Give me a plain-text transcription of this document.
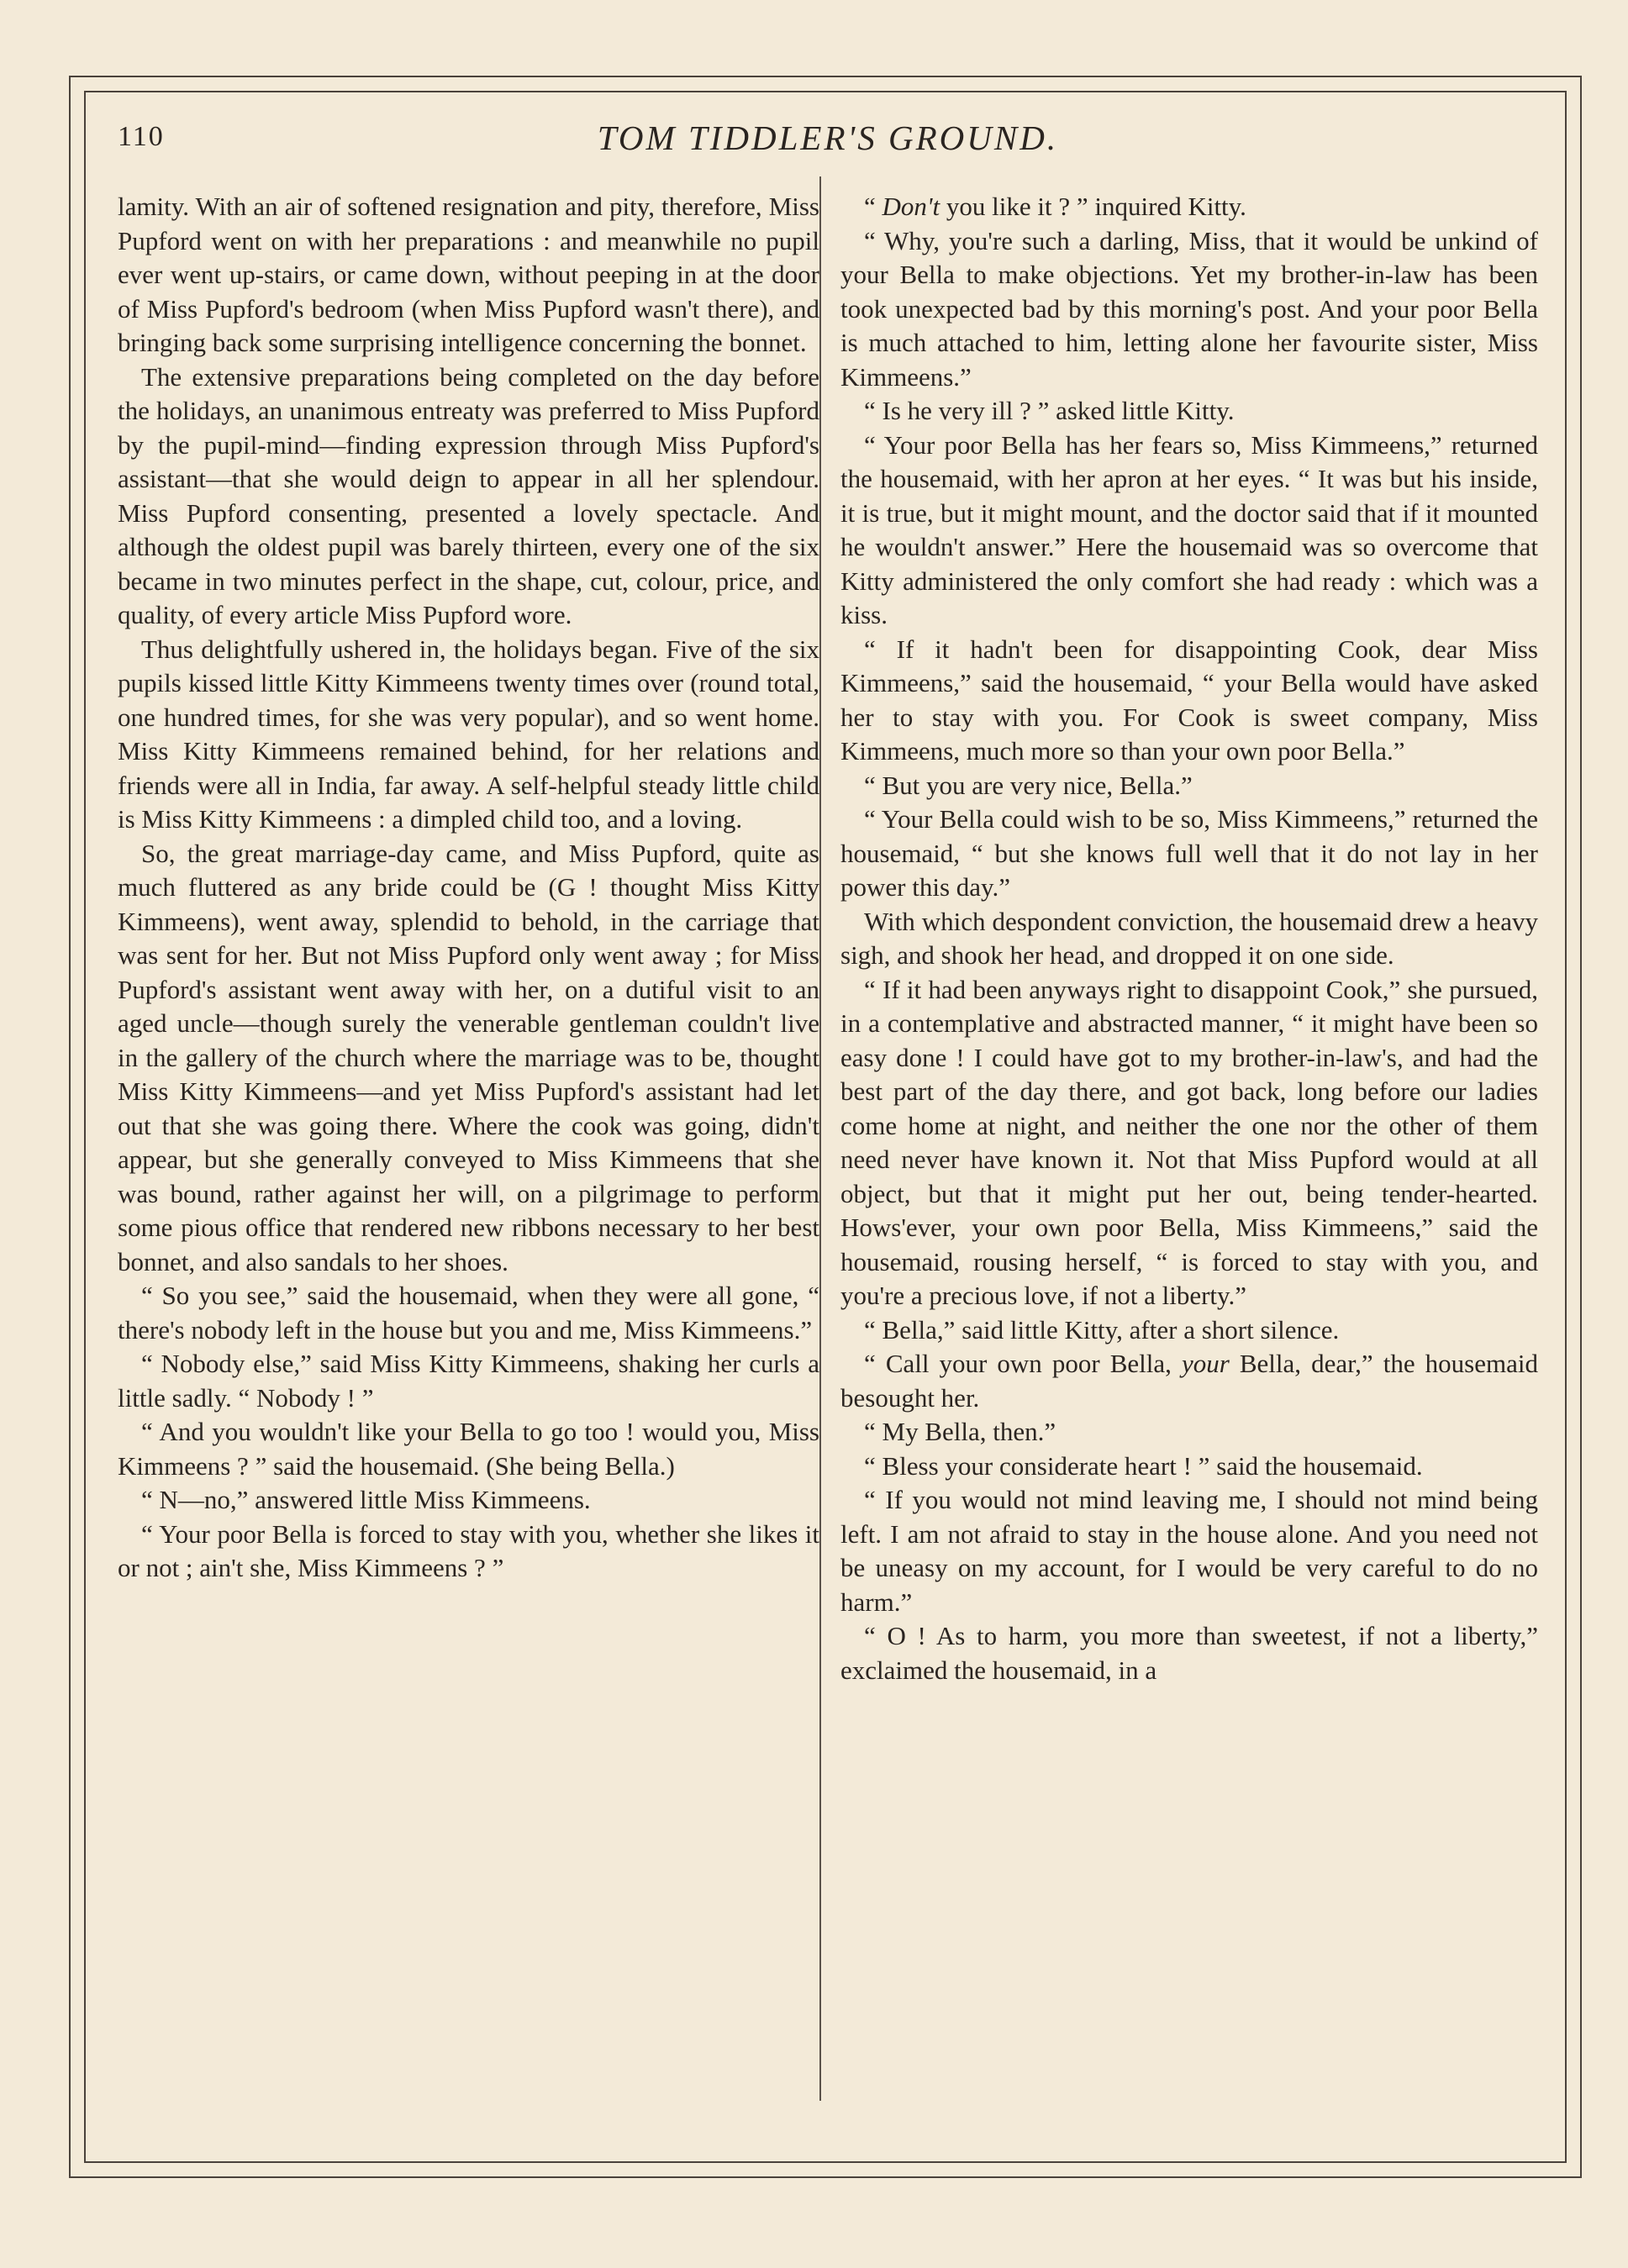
110	TOM TIDDLER'S GROUND.

lamity. With an air of softened resignation and pity, therefore, Miss Pupford went on with her preparations : and meanwhile no pupil ever went up-stairs, or came down, without peeping in at the door of Miss Pupford's bedroom (when Miss Pupford wasn't there), and bringing back some surprising intelligence concerning the bonnet.

The extensive preparations being completed on the day before the holidays, an unanimous entreaty was preferred to Miss Pupford by the pupil-mind—finding expression through Miss Pupford's assistant—that she would deign to appear in all her splendour. Miss Pupford consenting, presented a lovely spectacle. And although the oldest pupil was barely thirteen, every one of the six became in two minutes perfect in the shape, cut, colour, price, and quality, of every article Miss Pupford wore.

Thus delightfully ushered in, the holidays began. Five of the six pupils kissed little Kitty Kimmeens twenty times over (round total, one hundred times, for she was very popular), and so went home. Miss Kitty Kimmeens remained behind, for her relations and friends were all in India, far away. A self-helpful steady little child is Miss Kitty Kimmeens : a dimpled child too, and a loving.

So, the great marriage-day came, and Miss Pupford, quite as much fluttered as any bride could be (G ! thought Miss Kitty Kimmeens), went away, splendid to behold, in the carriage that was sent for her. But not Miss Pupford only went away ; for Miss Pupford's assistant went away with her, on a dutiful visit to an aged uncle—though surely the venerable gentleman couldn't live in the gallery of the church where the marriage was to be, thought Miss Kitty Kimmeens—and yet Miss Pupford's assistant had let out that she was going there. Where the cook was going, didn't appear, but she generally conveyed to Miss Kimmeens that she was bound, rather against her will, on a pilgrimage to perform some pious office that rendered new ribbons necessary to her best bonnet, and also sandals to her shoes.

“ So you see,” said the housemaid, when they were all gone, “ there's nobody left in the house but you and me, Miss Kimmeens.”

“ Nobody else,” said Miss Kitty Kimmeens, shaking her curls a little sadly. “ Nobody ! ”

“ And you wouldn't like your Bella to go too ! would you, Miss Kimmeens ? ” said the housemaid. (She being Bella.)

“ N—no,” answered little Miss Kimmeens.

“ Your poor Bella is forced to stay with you, whether she likes it or not ; ain't she, Miss Kimmeens ? ”

“ Don't you like it ? ” inquired Kitty.

“ Why, you're such a darling, Miss, that it would be unkind of your Bella to make objections. Yet my brother-in-law has been took unexpected bad by this morning's post. And your poor Bella is much attached to him, letting alone her favourite sister, Miss Kimmeens.”

“ Is he very ill ? ” asked little Kitty.

“ Your poor Bella has her fears so, Miss Kimmeens,” returned the housemaid, with her apron at her eyes. “ It was but his inside, it is true, but it might mount, and the doctor said that if it mounted he wouldn't answer.” Here the housemaid was so overcome that Kitty administered the only comfort she had ready : which was a kiss.

“ If it hadn't been for disappointing Cook, dear Miss Kimmeens,” said the housemaid, “ your Bella would have asked her to stay with you. For Cook is sweet company, Miss Kimmeens, much more so than your own poor Bella.”

“ But you are very nice, Bella.”

“ Your Bella could wish to be so, Miss Kimmeens,” returned the housemaid, “ but she knows full well that it do not lay in her power this day.”

With which despondent conviction, the housemaid drew a heavy sigh, and shook her head, and dropped it on one side.

“ If it had been anyways right to disappoint Cook,” she pursued, in a contemplative and abstracted manner, “ it might have been so easy done ! I could have got to my brother-in-law's, and had the best part of the day there, and got back, long before our ladies come home at night, and neither the one nor the other of them need never have known it. Not that Miss Pupford would at all object, but that it might put her out, being tender-hearted. Hows'ever, your own poor Bella, Miss Kimmeens,” said the housemaid, rousing herself, “ is forced to stay with you, and you're a precious love, if not a liberty.”

“ Bella,” said little Kitty, after a short silence.

“ Call your own poor Bella, your Bella, dear,” the housemaid besought her.

“ My Bella, then.”

“ Bless your considerate heart ! ” said the housemaid.

“ If you would not mind leaving me, I should not mind being left. I am not afraid to stay in the house alone. And you need not be uneasy on my account, for I would be very careful to do no harm.”

“ O ! As to harm, you more than sweetest, if not a liberty,” exclaimed the housemaid, in a
